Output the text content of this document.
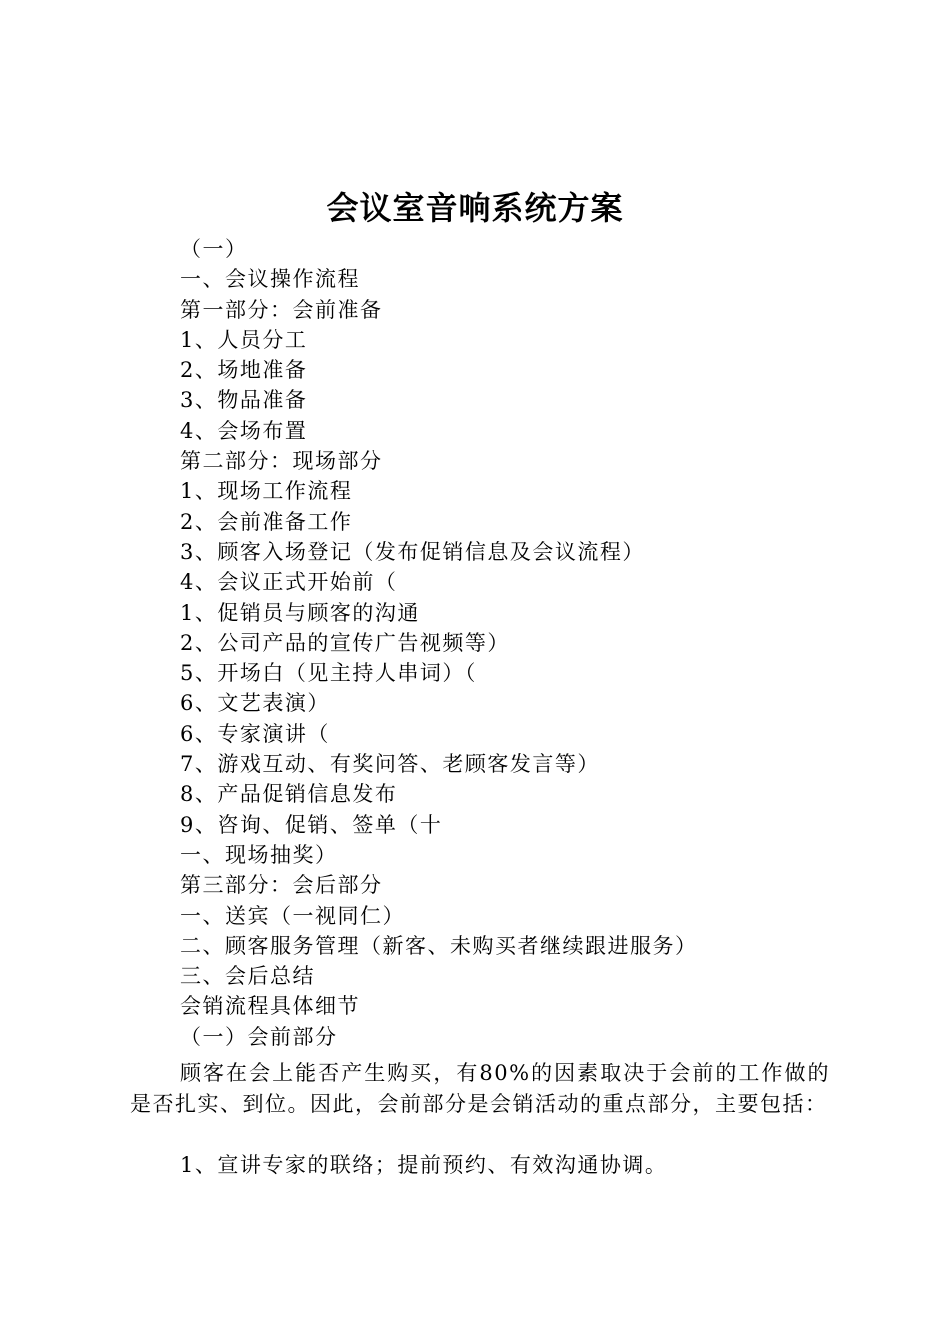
会议室音响系统方案
（一）
一、会议操作流程
第一部分：会前准备
1、人员分工
2、场地准备
3、物品准备
4、会场布置
第二部分：现场部分
1、现场工作流程
2、会前准备工作
3、顾客入场登记（发布促销信息及会议流程）
4、会议正式开始前（
1、促销员与顾客的沟通
2、公司产品的宣传广告视频等）
5、开场白（见主持人串词）（
6、文艺表演）
6、专家演讲（
7、游戏互动、有奖问答、老顾客发言等）
8、产品促销信息发布
9、咨询、促销、签单（十
一、现场抽奖）
第三部分：会后部分
一、送宾（一视同仁）
二、顾客服务管理（新客、未购买者继续跟进服务）
三、会后总结
会销流程具体细节
（一）会前部分
顾客在会上能否产生购买，有80%的因素取决于会前的工作做的是否扎实、到位。因此，会前部分是会销活动的重点部分，主要包括：
1、宣讲专家的联络；提前预约、有效沟通协调。
